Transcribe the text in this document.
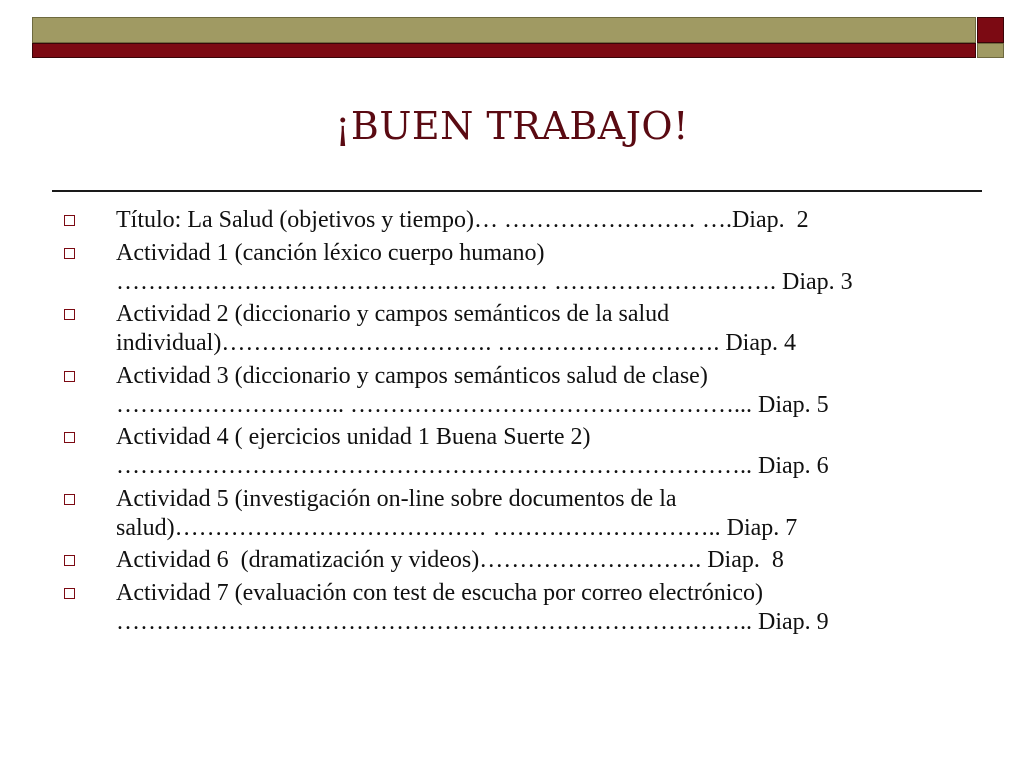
¡BUEN TRABAJO!
Título: La Salud (objetivos y tiempo)… …………………… ….Diap.  2
Actividad 1 (canción léxico cuerpo humano)
……………………………………………… ………………………. Diap. 3
Actividad 2 (diccionario y campos semánticos de la salud
individual)……………………………. ………………………. Diap. 4
Actividad 3 (diccionario y campos semánticos salud de clase)
……………………….. …………………………………………... Diap. 5
Actividad 4 ( ejercicios unidad 1 Buena Suerte 2)
…………………………………………………………………….. Diap. 6
Actividad 5 (investigación on-line sobre documentos de la
salud)………………………………… ……………………….. Diap. 7
Actividad 6  (dramatización y videos)………………………. Diap.  8
Actividad 7 (evaluación con test de escucha por correo electrónico)
…………………………………………………………………….. Diap. 9
